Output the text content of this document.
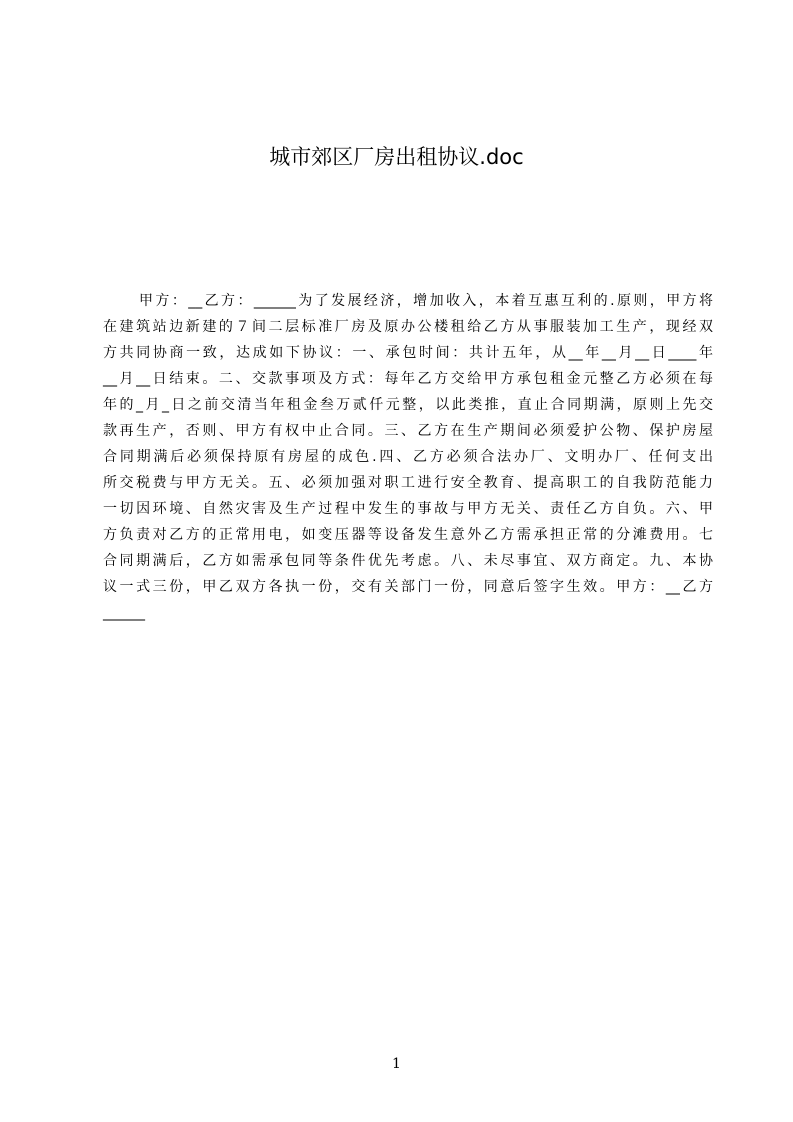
城市郊区厂房出租协议.doc
甲方：__乙方：______为了发展经济，增加收入，本着互惠互利的.原则，甲方将
在建筑站边新建的７间二层标准厂房及原办公楼租给乙方从事服装加工生产，现经双
方共同协商一致，达成如下协议：一、承包时间：共计五年，从__年__月__日____年
__月__日结束。二、交款事项及方式：每年乙方交给甲方承包租金元整乙方必须在每
年的_月_日之前交清当年租金叁万贰仟元整，以此类推，直止合同期满，原则上先交
款再生产，否则、甲方有权中止合同。三、乙方在生产期间必须爱护公物、保护房屋
合同期满后必须保持原有房屋的成色.四、乙方必须合法办厂、文明办厂、任何支出
所交税费与甲方无关。五、必须加强对职工进行安全教育、提高职工的自我防范能力
一切因环境、自然灾害及生产过程中发生的事故与甲方无关、责任乙方自负。六、甲
方负责对乙方的正常用电，如变压器等设备发生意外乙方需承担正常的分滩费用。七
合同期满后，乙方如需承包同等条件优先考虑。八、未尽事宜、双方商定。九、本协
议一式三份，甲乙双方各执一份，交有关部门一份，同意后签字生效。甲方：__乙方
______
1
